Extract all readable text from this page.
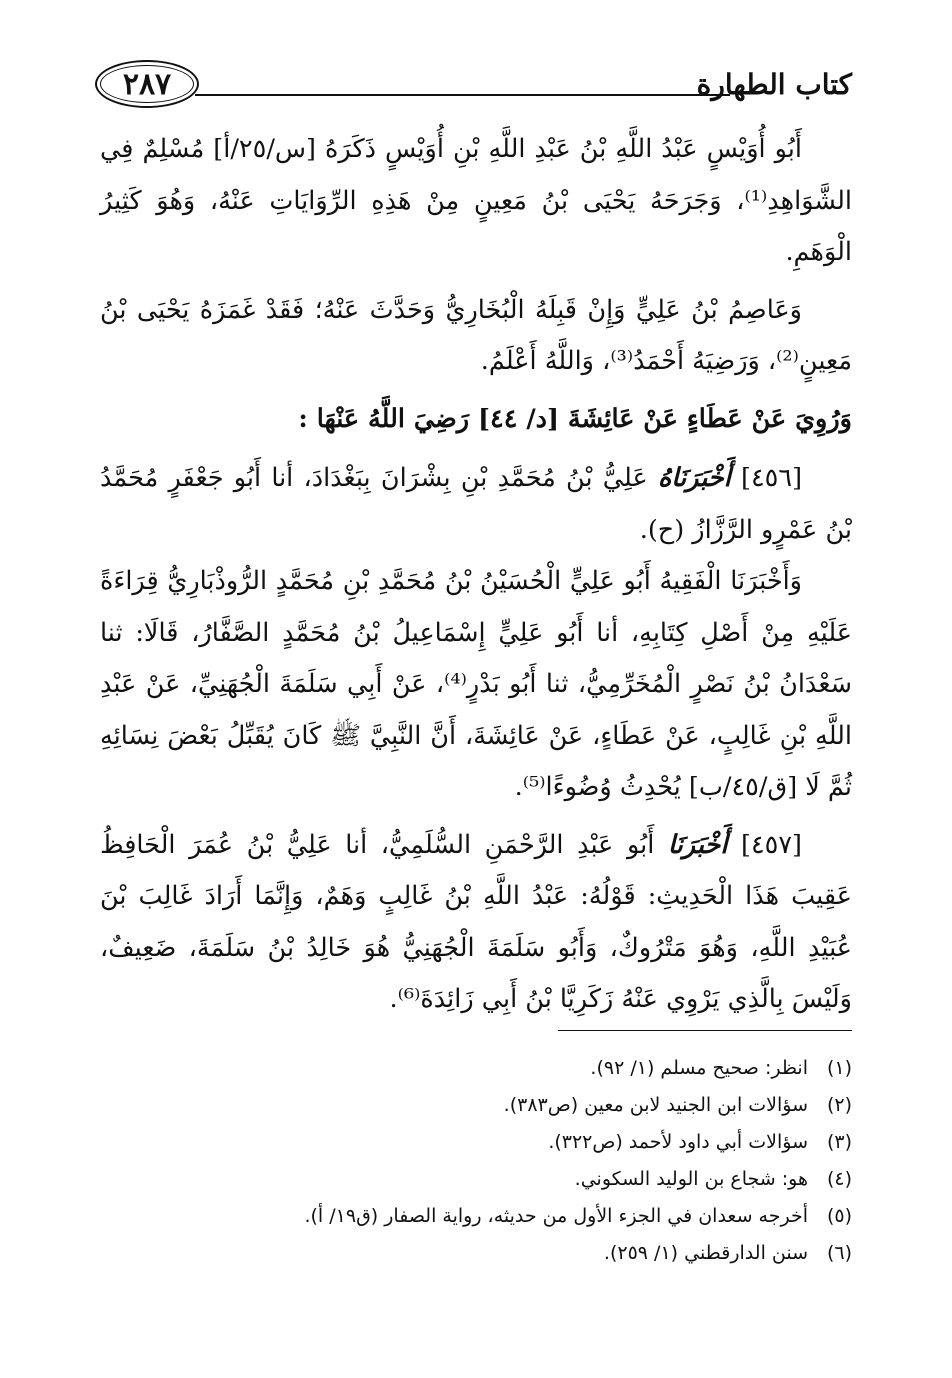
كتاب الطهارة
٢٨٧

أَبُو أُوَيْسٍ عَبْدُ اللَّهِ بْنُ عَبْدِ اللَّهِ بْنِ أُوَيْسٍ ذَكَرَهُ [س/٢٥/أ] مُسْلِمٌ فِي الشَّوَاهِدِ⁽¹⁾، وَجَرَحَهُ يَحْيَى بْنُ مَعِينٍ مِنْ هَذِهِ الرِّوَايَاتِ عَنْهُ، وَهُوَ كَثِيرُ الْوَهَمِ.

وَعَاصِمُ بْنُ عَلِيٍّ وَإِنْ قَبِلَهُ الْبُخَارِيُّ وَحَدَّثَ عَنْهُ؛ فَقَدْ غَمَزَهُ يَحْيَى بْنُ مَعِينٍ⁽²⁾، وَرَضِيَهُ أَحْمَدُ⁽³⁾، وَاللَّهُ أَعْلَمُ.

وَرُوِيَ عَنْ عَطَاءٍ عَنْ عَائِشَةَ [د/ ٤٤] رَضِيَ اللَّهُ عَنْهَا :

[٤٥٦] أَخْبَرَنَاهُ عَلِيُّ بْنُ مُحَمَّدِ بْنِ بِشْرَانَ بِبَغْدَادَ، أنا أَبُو جَعْفَرٍ مُحَمَّدُ بْنُ عَمْرٍو الرَّزَّازُ (ح).

وَأَخْبَرَنَا الْفَقِيهُ أَبُو عَلِيٍّ الْحُسَيْنُ بْنُ مُحَمَّدِ بْنِ مُحَمَّدٍ الرُّوذْبَارِيُّ قِرَاءَةً عَلَيْهِ مِنْ أَصْلِ كِتَابِهِ، أنا أَبُو عَلِيٍّ إِسْمَاعِيلُ بْنُ مُحَمَّدٍ الصَّفَّارُ، قَالَا: ثنا سَعْدَانُ بْنُ نَصْرٍ الْمُخَرِّمِيُّ، ثنا أَبُو بَدْرٍ⁽⁴⁾، عَنْ أَبِي سَلَمَةَ الْجُهَنِيِّ، عَنْ عَبْدِ اللَّهِ بْنِ غَالِبٍ، عَنْ عَطَاءٍ، عَنْ عَائِشَةَ، أَنَّ النَّبِيَّ ﷺ كَانَ يُقَبِّلُ بَعْضَ نِسَائِهِ ثُمَّ لَا [ق/٤٥/ب] يُحْدِثُ وُضُوءًا⁽⁵⁾.

[٤٥٧] أَخْبَرَنَا أَبُو عَبْدِ الرَّحْمَنِ السُّلَمِيُّ، أنا عَلِيُّ بْنُ عُمَرَ الْحَافِظُ عَقِيبَ هَذَا الْحَدِيثِ: قَوْلُهُ: عَبْدُ اللَّهِ بْنُ غَالِبٍ وَهَمٌ، وَإِنَّمَا أَرَادَ غَالِبَ بْنَ عُبَيْدِ اللَّهِ، وَهُوَ مَتْرُوكٌ، وَأَبُو سَلَمَةَ الْجُهَنِيُّ هُوَ خَالِدُ بْنُ سَلَمَةَ، ضَعِيفٌ، وَلَيْسَ بِالَّذِي يَرْوِي عَنْهُ زَكَرِيَّا بْنُ أَبِي زَائِدَةَ⁽⁶⁾.

(١)انظر: صحيح مسلم (١/ ٩٢).
(٢)سؤالات ابن الجنيد لابن معين (ص٣٨٣).
(٣)سؤالات أبي داود لأحمد (ص٣٢٢).
(٤)هو: شجاع بن الوليد السكوني.
(٥)أخرجه سعدان في الجزء الأول من حديثه، رواية الصفار (ق١٩/ أ).
(٦)سنن الدارقطني (١/ ٢٥٩).
